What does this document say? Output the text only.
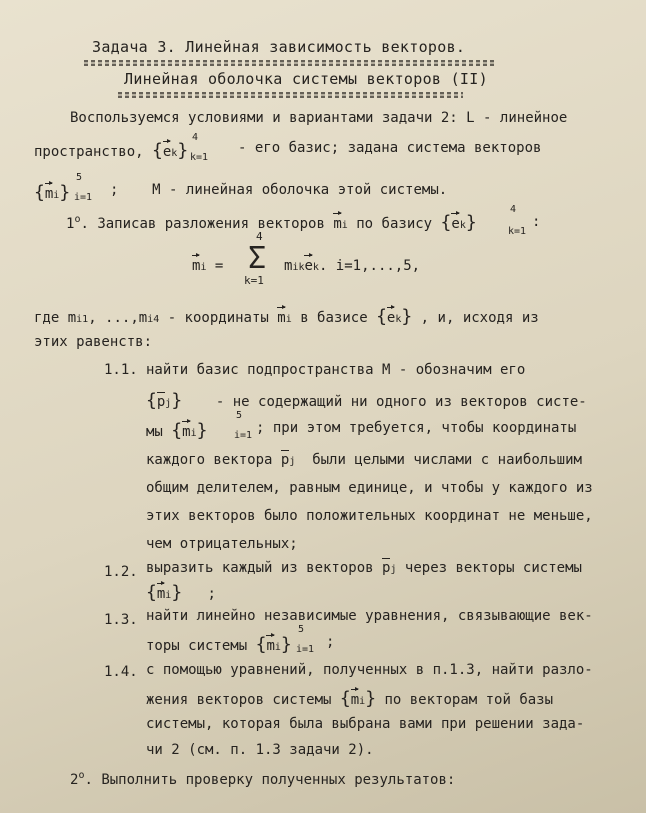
Задача 3. Линейная зависимость векторов.
Линейная оболочка системы векторов (II)
Воспользуемся условиями и вариантами задачи 2: L - линейное
пространство, {ek}
4
k=1
- его базис; задана система векторов
{mi}
5
i=1 ; M - линейная оболочка этой системы.
1$^o$. Записав разложения векторов mi по базису {ek}
4
k=1
:
mi =
4
Σ
k=1
mikek. i=1,...,5,
где mi1, ...,mi4 - координаты mi в базисе {ek} , и, исходя из
этих равенств:
1.1. найти базис подпространства М - обозначим его
{pj} - не содержащий ни одного из векторов систе-
мы {mi}
5
i=1 ; при этом требуется, чтобы координаты
каждого вектора pj были целыми числами с наибольшим
общим делителем, равным единице, и чтобы у каждого из
этих векторов было положительных координат не меньше,
чем отрицательных;
1.2. выразить каждый из векторов pj через векторы системы
{mi} ;
1.3. найти линейно независимые уравнения, связывающие век-
торы системы {mi}
5
i=1 ;
1.4. с помощью уравнений, полученных в п.1.3, найти разло-
жения векторов системы {mi} по векторам той базы
системы, которая была выбрана вами при решении зада-
чи 2 (см. п. 1.3 задачи 2).
2$^o$. Выполнить проверку полученных результатов:
